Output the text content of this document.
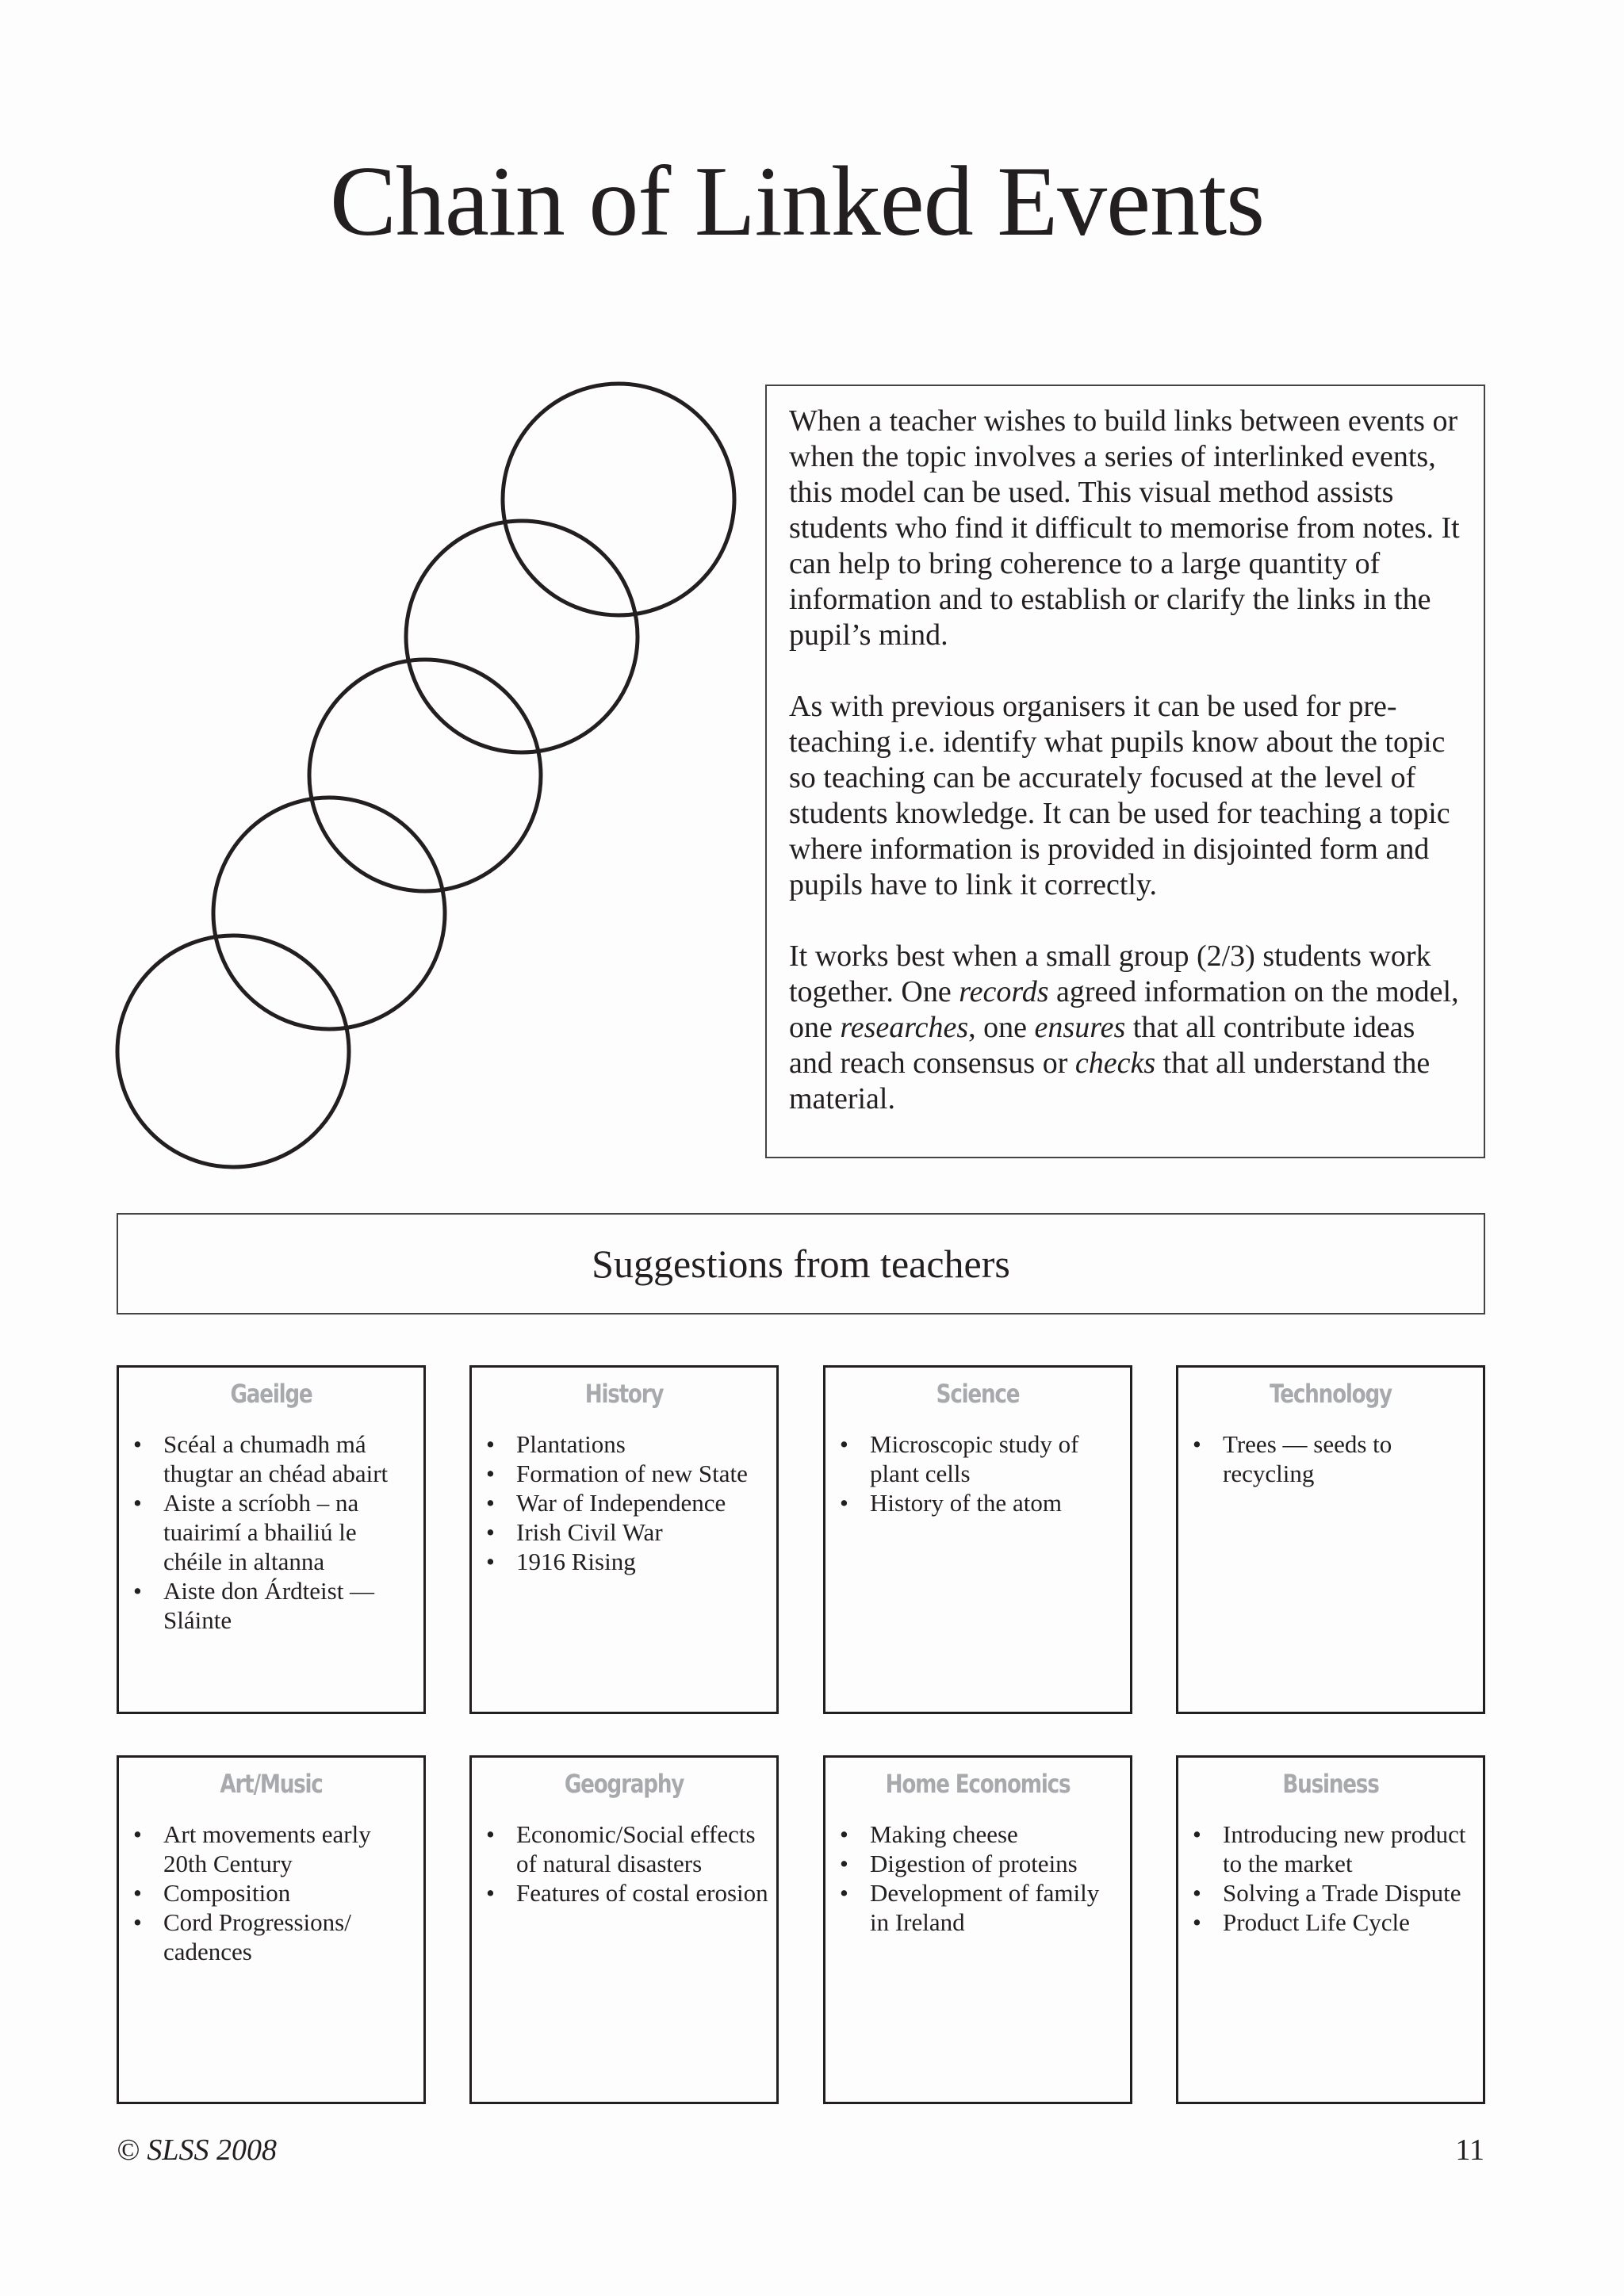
Chain of Linked Events

When a teacher wishes to build links between events or when the topic involves a series of interlinked events, this model can be used. This visual method assists students who find it difficult to memorise from notes. It can help to bring coherence to a large quantity of information and to establish or clarify the links in the pupil’s mind.

As with previous organisers it can be used for pre-teaching i.e. identify what pupils know about the topic so teaching can be accurately focused at the level of students knowledge. It can be used for teaching a topic where information is provided in disjointed form and pupils have to link it correctly.

It works best when a small group (2/3) students work together. One records agreed information on the model, one researches, one ensures that all contribute ideas and reach consensus or checks that all understand the material.

Suggestions from teachers
Gaeilge
• Scéal a chumadh má thugtar an chéad abairt
• Aiste a scríobh – na tuairimí a bhailiú le chéile in altanna
• Aiste don Árdteist — Sláinte
History
• Plantations
• Formation of new State
• War of Independence
• Irish Civil War
• 1916 Rising
Science
• Microscopic study of plant cells
• History of the atom
Technology
• Trees — seeds to recycling
Art/Music
• Art movements early 20th Century
• Composition
• Cord Progressions/ cadences
Geography
• Economic/Social effects of natural disasters
• Features of costal erosion
Home Economics
• Making cheese
• Digestion of proteins
• Development of family in Ireland
Business
• Introducing new product to the market
• Solving a Trade Dispute
• Product Life Cycle
© SLSS 2008	11
